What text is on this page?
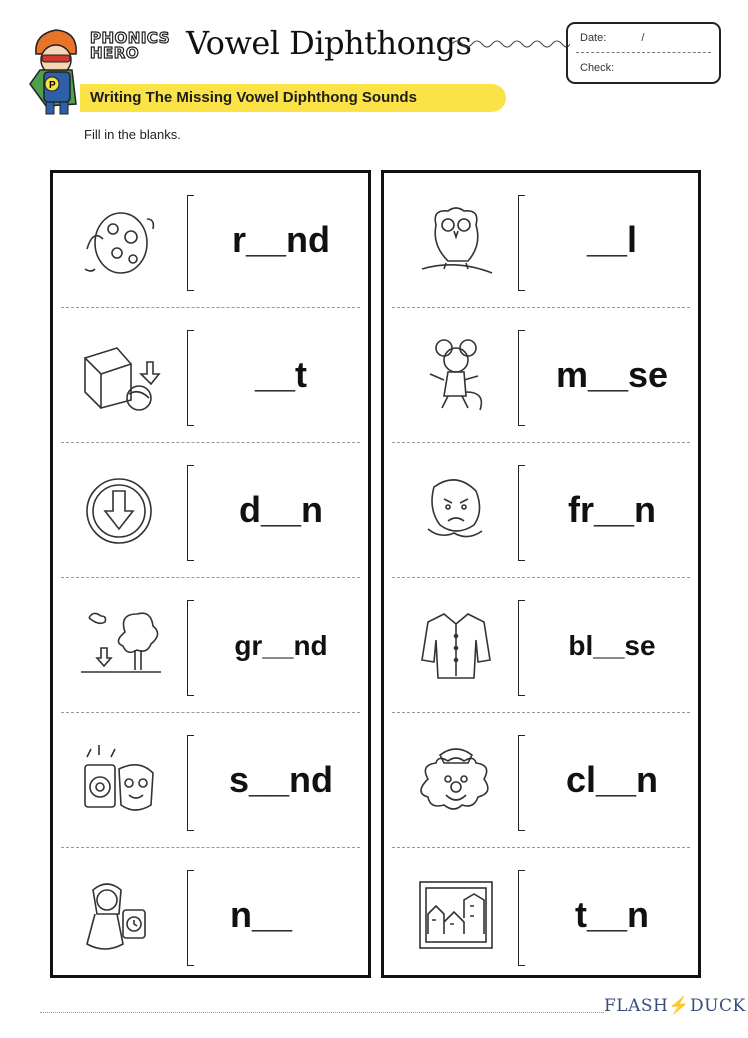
P
PHONICS
HERO	Vowel Diphthongs	Date:	/
Check:
Writing The Missing Vowel Diphthong Sounds
Fill in the blanks.
r__nd
__t
d__n
gr__nd
s__nd
n__
__l
m__se
fr__n
bl__se
cl__n
t__n
FLASH⚡DUCK
